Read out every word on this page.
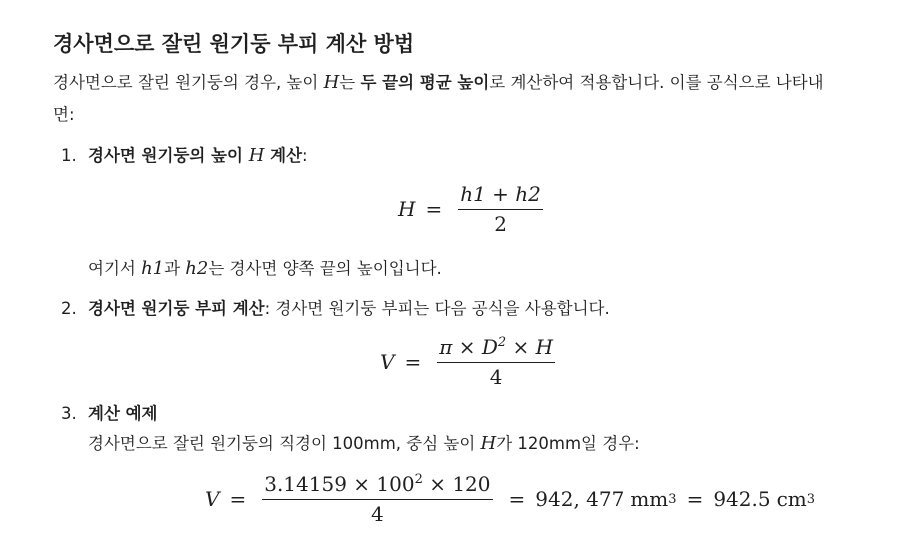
경사면으로 잘린 원기둥 부피 계산 방법
경사면으로 잘린 원기둥의 경우, 높이 H는 두 끝의 평균 높이로 계산하여 적용합니다. 이를 공식으로 나타내면:
1. 경사면 원기둥의 높이 H 계산:
$H = \frac{h1 + h2}{2}$
여기서 h1과 h2는 경사면 양쪽 끝의 높이입니다.
2. 경사면 원기둥 부피 계산: 경사면 원기둥 부피는 다음 공식을 사용합니다.
$V = \frac{\pi \times D^2 \times H}{4}$
3. 계산 예제
경사면으로 잘린 원기둥의 직경이 100mm, 중심 높이 H가 120mm일 경우:
$V = \frac{3.14159 \times 100^2 \times 120}{4} = 942$, 477 mm 3 = 942.5 cm 3
